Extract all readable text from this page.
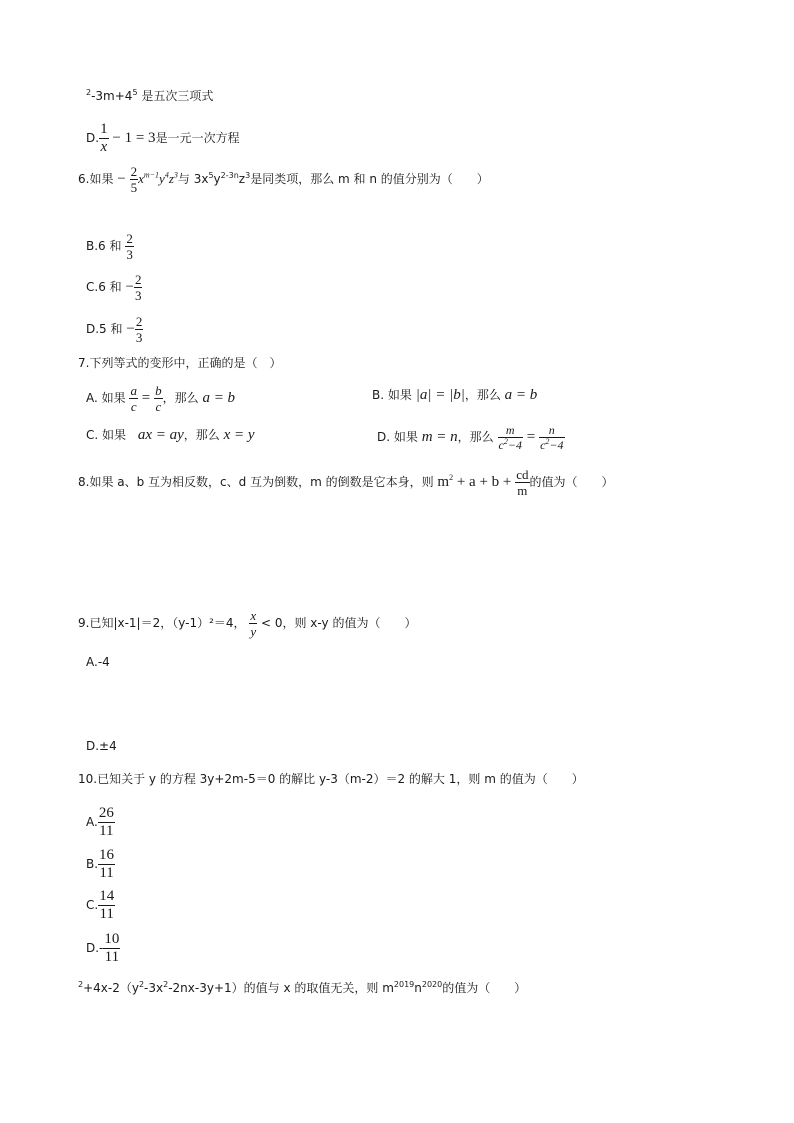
$^2-3m+4^5$ 是五次三项式
D. $\frac{1}{x} - 1 = 3$是一元一次方程
6.如果 − $\frac{2}{5} x^{m-1}y^4z^3$与 $3x^5y^{2-3n}z^3$是同类项，那么 m 和 n 的值分别为（　　）
B.6 和 $\frac{2}{3}$
C.6 和 − $\frac{2}{3}$
D.5 和 − $\frac{2}{3}$
7.下列等式的变形中，正确的是（　）
A. 如果 $\frac{a}{c} = \frac{b}{c}$ ，那么 a = b	B. 如果 |a| = |b|，那么 a = b
C. 如果 ax = ay，那么 x = y	D. 如果 m = n，那么 $\frac{m}{c^2-4} = \frac{n}{c^2-4}$
8.如果 a、b 互为相反数，c、d 互为倒数，m 的倒数是它本身，则 $m^2 + a + b + \frac{cd}{m}$ 的值为（　　）
9.已知|x-1|＝2，（y-1）²＝4， $\frac{x}{y} < 0$，则 x-y 的值为（　　）
A.-4
D.±4
10.已知关于 y 的方程 3y+2m-5＝0 的解比 y-3（m-2）＝2 的解大 1，则 m 的值为（　　）
A. $\frac{26}{11}$
B. $\frac{16}{11}$
C. $\frac{14}{11}$
$D.- \frac{10}{11}$
$^2+4x-2(y^2-3x^2-2nx-3y+1)$的值与 x 的取值无关，则 $m^{2019}n^{2020}$的值为（　　）
